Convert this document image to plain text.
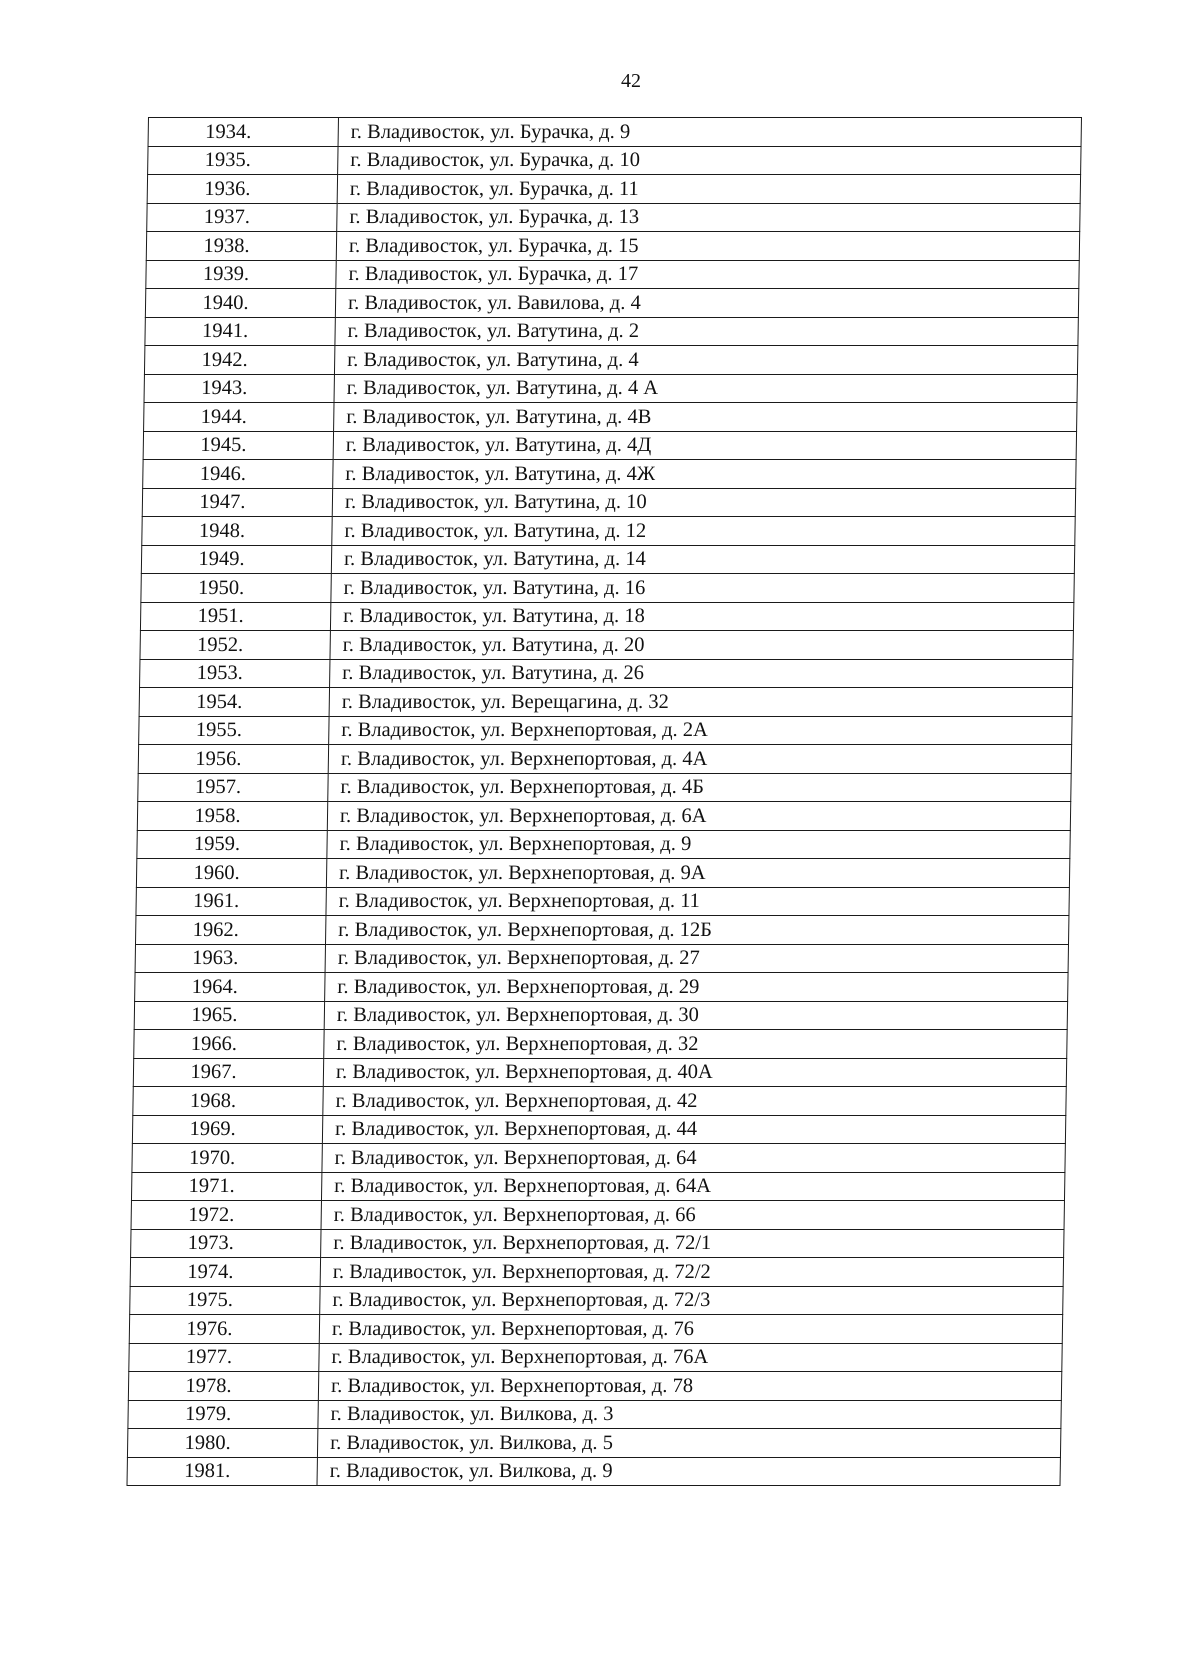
42
1934.	г. Владивосток, ул. Бурачка, д. 9
1935.	г. Владивосток, ул. Бурачка, д. 10
1936.	г. Владивосток, ул. Бурачка, д. 11
1937.	г. Владивосток, ул. Бурачка, д. 13
1938.	г. Владивосток, ул. Бурачка, д. 15
1939.	г. Владивосток, ул. Бурачка, д. 17
1940.	г. Владивосток, ул. Вавилова, д. 4
1941.	г. Владивосток, ул. Ватутина, д. 2
1942.	г. Владивосток, ул. Ватутина, д. 4
1943.	г. Владивосток, ул. Ватутина, д. 4 А
1944.	г. Владивосток, ул. Ватутина, д. 4В
1945.	г. Владивосток, ул. Ватутина, д. 4Д
1946.	г. Владивосток, ул. Ватутина, д. 4Ж
1947.	г. Владивосток, ул. Ватутина, д. 10
1948.	г. Владивосток, ул. Ватутина, д. 12
1949.	г. Владивосток, ул. Ватутина, д. 14
1950.	г. Владивосток, ул. Ватутина, д. 16
1951.	г. Владивосток, ул. Ватутина, д. 18
1952.	г. Владивосток, ул. Ватутина, д. 20
1953.	г. Владивосток, ул. Ватутина, д. 26
1954.	г. Владивосток, ул. Верещагина, д. 32
1955.	г. Владивосток, ул. Верхнепортовая, д. 2А
1956.	г. Владивосток, ул. Верхнепортовая, д. 4А
1957.	г. Владивосток, ул. Верхнепортовая, д. 4Б
1958.	г. Владивосток, ул. Верхнепортовая, д. 6А
1959.	г. Владивосток, ул. Верхнепортовая, д. 9
1960.	г. Владивосток, ул. Верхнепортовая, д. 9А
1961.	г. Владивосток, ул. Верхнепортовая, д. 11
1962.	г. Владивосток, ул. Верхнепортовая, д. 12Б
1963.	г. Владивосток, ул. Верхнепортовая, д. 27
1964.	г. Владивосток, ул. Верхнепортовая, д. 29
1965.	г. Владивосток, ул. Верхнепортовая, д. 30
1966.	г. Владивосток, ул. Верхнепортовая, д. 32
1967.	г. Владивосток, ул. Верхнепортовая, д. 40А
1968.	г. Владивосток, ул. Верхнепортовая, д. 42
1969.	г. Владивосток, ул. Верхнепортовая, д. 44
1970.	г. Владивосток, ул. Верхнепортовая, д. 64
1971.	г. Владивосток, ул. Верхнепортовая, д. 64А
1972.	г. Владивосток, ул. Верхнепортовая, д. 66
1973.	г. Владивосток, ул. Верхнепортовая, д. 72/1
1974.	г. Владивосток, ул. Верхнепортовая, д. 72/2
1975.	г. Владивосток, ул. Верхнепортовая, д. 72/3
1976.	г. Владивосток, ул. Верхнепортовая, д. 76
1977.	г. Владивосток, ул. Верхнепортовая, д. 76А
1978.	г. Владивосток, ул. Верхнепортовая, д. 78
1979.	г. Владивосток, ул. Вилкова, д. 3
1980.	г. Владивосток, ул. Вилкова, д. 5
1981.	г. Владивосток, ул. Вилкова, д. 9
